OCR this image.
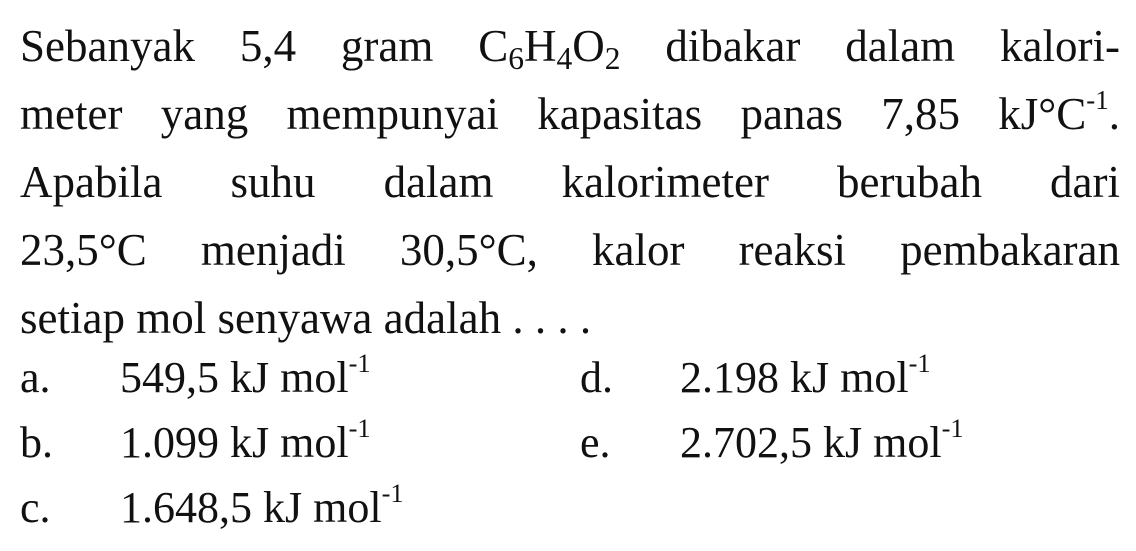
Sebanyak 5,4 gram $C_6H_4O_2$ dibakar dalam kalori-
meter yang mempunyai kapasitas panas 7,85 $kJ^\circ C^{-1}$.
Apabila suhu dalam kalorimeter berubah dari
23,5°C menjadi 30,5°C, kalor reaksi pembakaran
setiap mol senyawa adalah . . . .
a. 549,5 kJ mol$^{-1}$
b. 1.099 kJ mol$^{-1}$
c. 1.648,5 kJ mol$^{-1}$
d. 2.198 kJ mol$^{-1}$
e. 2.702,5 kJ mol$^{-1}$
